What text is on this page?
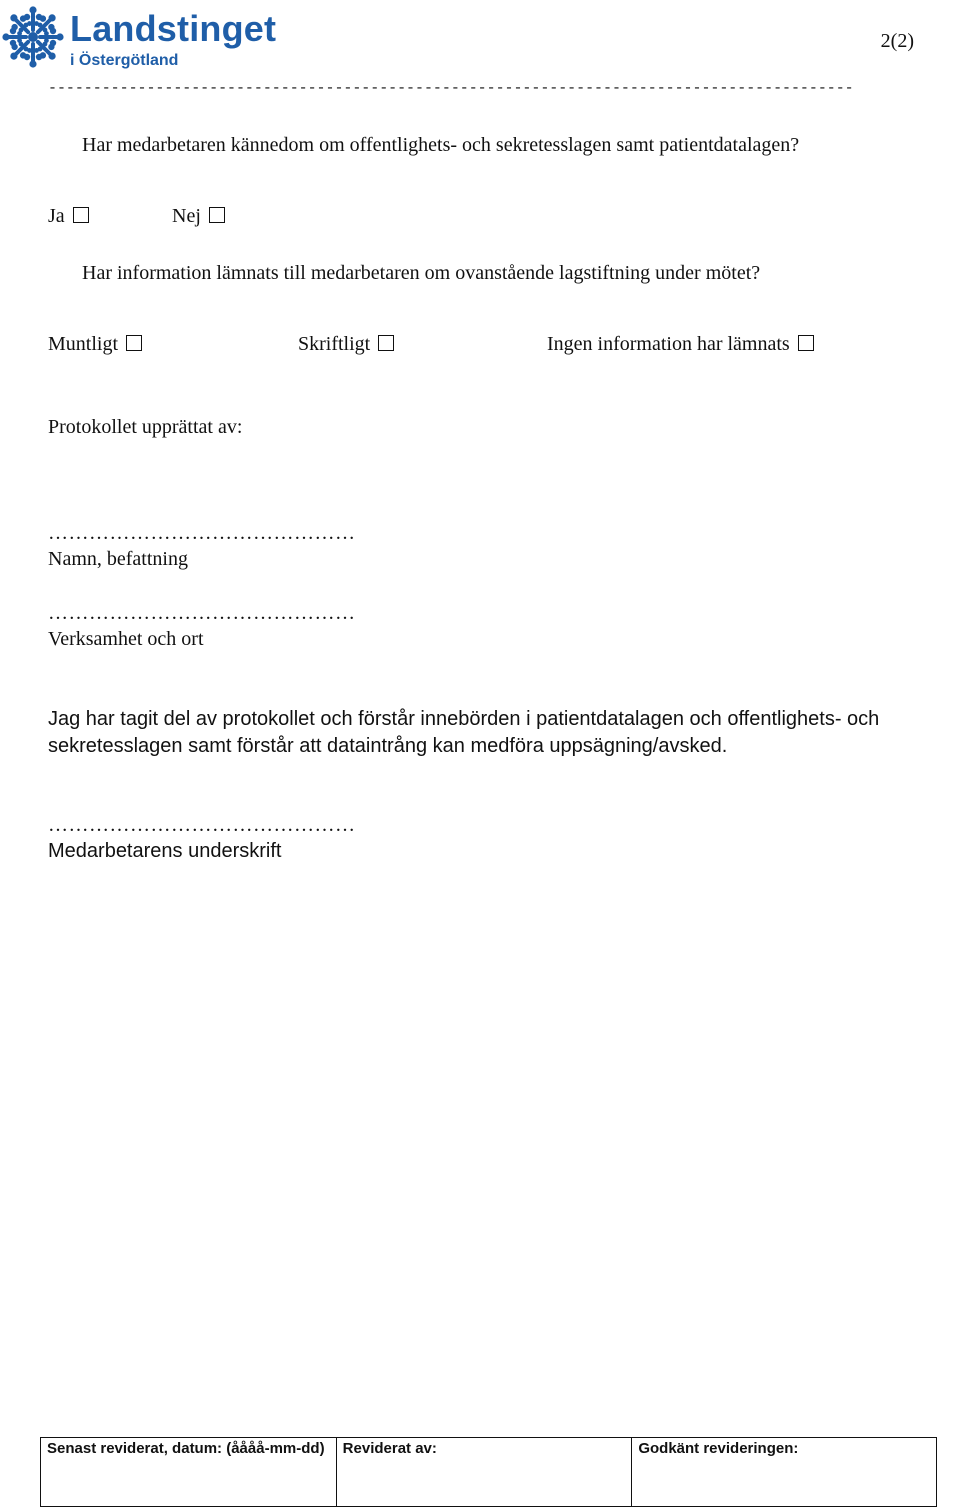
Landstinget
i Östergötland
2(2)
------------------------------------------------------------------------------------------
Har medarbetaren kännedom om offentlighets- och sekretesslagen samt patientdatalagen?
Ja	Nej
Har information lämnats till medarbetaren om ovanstående lagstiftning under mötet?
Muntligt	Skriftligt	Ingen information har lämnats
Protokollet upprättat av:
………………………………………
Namn, befattning
………………………………………
Verksamhet och ort
Jag har tagit del av protokollet och förstår innebörden i patientdatalagen och offentlighets- och sekretesslagen samt förstår att dataintrång kan medföra uppsägning/avsked.
………………………………………
Medarbetarens underskrift
Senast reviderat, datum: (åååå-mm-dd)	Reviderat av:	Godkänt revideringen:
